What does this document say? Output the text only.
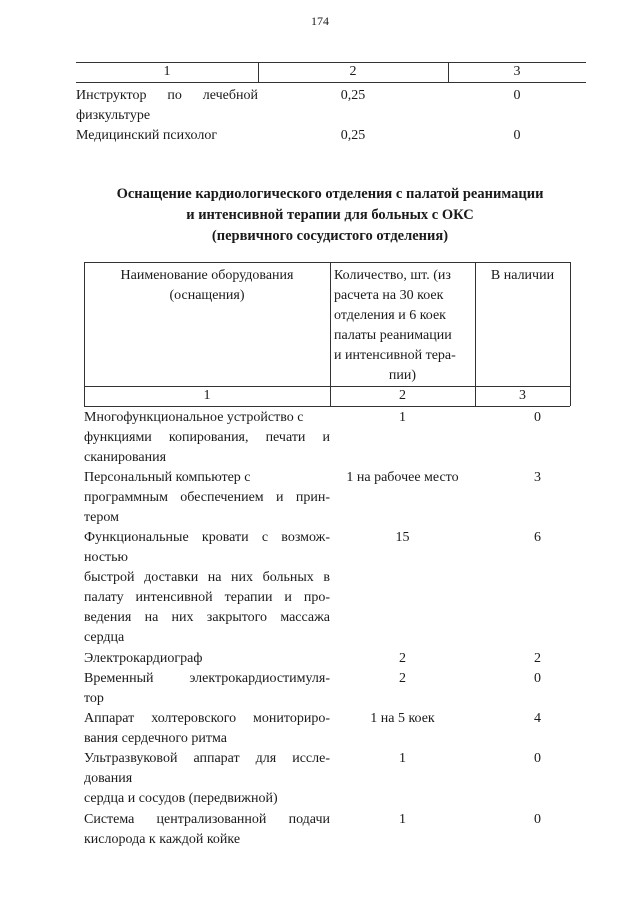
174
1	2	3
Инструктор по лечебной
физкультуре
0,25	0
Медицинский психолог	0,25	0
Оснащение кардиологического отделения с палатой реанимации
и интенсивной терапии для больных с ОКС
(первичного сосудистого отделения)
Наименование оборудования
(оснащения)
Количество, шт. (из
расчета на 30 коек
отделения и 6 коек
палаты реанимации
и интенсивной тера-
пии)
В наличии
1	2	3
Многофункциональное устройство с
функциями копирования, печати и
сканирования
1	0
Персональный компьютер с
программным обеспечением и прин-
тером
1 на рабочее место	3
Функциональные кровати с возмож-
ностью
быстрой доставки на них больных в
палату интенсивной терапии и про-
ведения на них закрытого массажа
сердца
15	6
Электрокардиограф	2	2
Временный электрокардиостимуля-
тор
2	0
Аппарат холтеровского мониториро-
вания сердечного ритма
1 на 5 коек	4
Ультразвуковой аппарат для иссле-
дования
сердца и сосудов (передвижной)
1	0
Система централизованной подачи
кислорода к каждой койке
1	0
